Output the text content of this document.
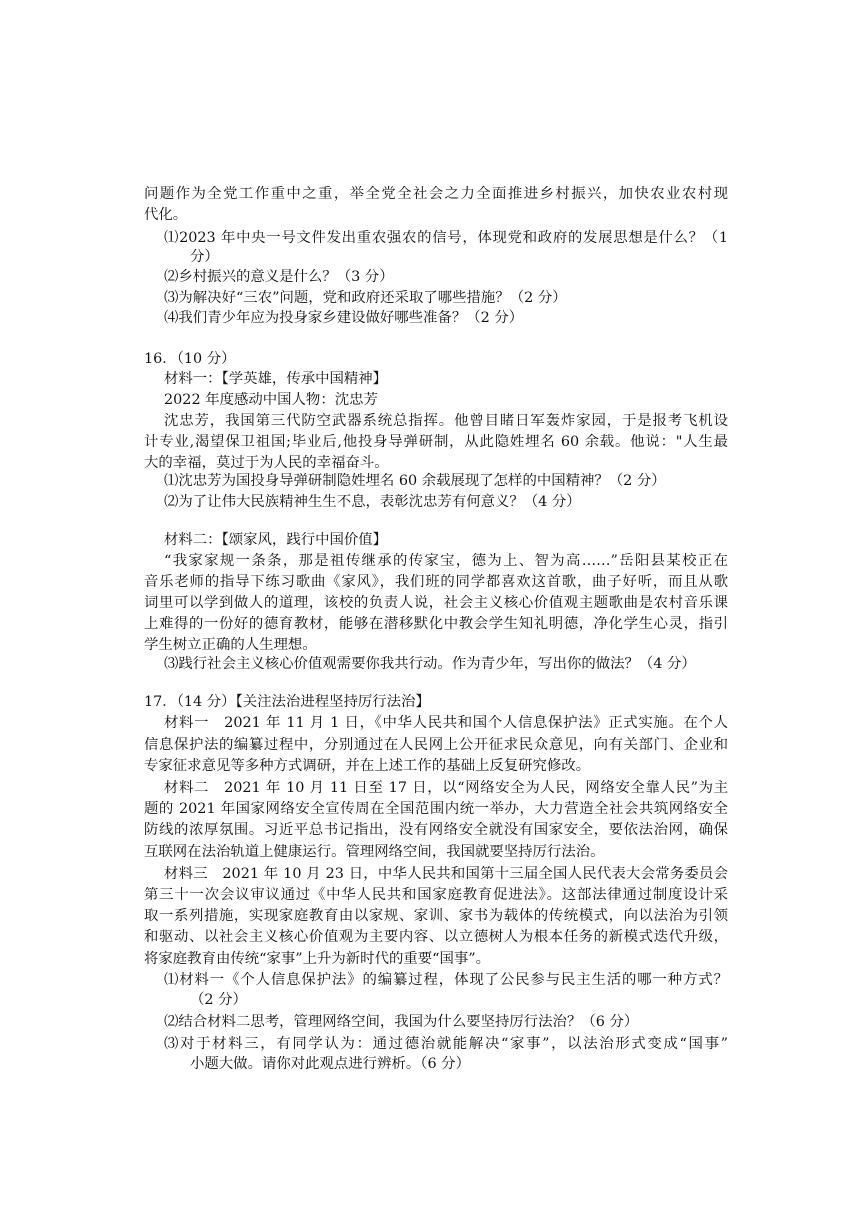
问题作为全党工作重中之重，举全党全社会之力全面推进乡村振兴，加快农业农村现
代化。
⑴2023 年中央一号文件发出重农强农的信号，体现党和政府的发展思想是什么？（1
分）
⑵乡村振兴的意义是什么？（3 分）
⑶为解决好“三农”问题，党和政府还采取了哪些措施？（2 分）
⑷我们青少年应为投身家乡建设做好哪些准备？（2 分）
16．（10 分）
材料一：【学英雄，传承中国精神】
2022 年度感动中国人物：沈忠芳
沈忠芳，我国第三代防空武器系统总指挥。他曾目睹日军轰炸家园，于是报考飞机设
计专业,渴望保卫祖国;毕业后,他投身导弹研制，从此隐姓埋名 60 余载。他说："人生最
大的幸福，莫过于为人民的幸福奋斗。
⑴沈忠芳为国投身导弹研制隐姓埋名 60 余载展现了怎样的中国精神？（2 分）
⑵为了让伟大民族精神生生不息，表彰沈忠芳有何意义？（4 分）
材料二：【颂家风，践行中国价值】
“我家家规一条条，那是祖传继承的传家宝，德为上、智为高……”岳阳县某校正在
音乐老师的指导下练习歌曲《家风》，我们班的同学都喜欢这首歌，曲子好听，而且从歌
词里可以学到做人的道理，该校的负责人说，社会主义核心价值观主题歌曲是农村音乐课
上难得的一份好的德育教材，能够在潜移默化中教会学生知礼明德，净化学生心灵，指引
学生树立正确的人生理想。
⑶践行社会主义核心价值观需要你我共行动。作为青少年，写出你的做法？（4 分）
17．（14 分）【关注法治进程坚持厉行法治】
材料一　2021 年 11 月 1 日，《中华人民共和国个人信息保护法》正式实施。在个人
信息保护法的编纂过程中，分别通过在人民网上公开征求民众意见，向有关部门、企业和
专家征求意见等多种方式调研，并在上述工作的基础上反复研究修改。
材料二　2021 年 10 月 11 日至 17 日，以“网络安全为人民，网络安全靠人民”为主
题的 2021 年国家网络安全宣传周在全国范围内统一举办，大力营造全社会共筑网络安全
防线的浓厚氛围。习近平总书记指出，没有网络安全就没有国家安全，要依法治网，确保
互联网在法治轨道上健康运行。管理网络空间，我国就要坚持厉行法治。
材料三　2021 年 10 月 23 日，中华人民共和国第十三届全国人民代表大会常务委员会
第三十一次会议审议通过《中华人民共和国家庭教育促进法》。这部法律通过制度设计采
取一系列措施，实现家庭教育由以家规、家训、家书为载体的传统模式，向以法治为引领
和驱动、以社会主义核心价值观为主要内容、以立德树人为根本任务的新模式迭代升级，
将家庭教育由传统“家事”上升为新时代的重要“国事”。
⑴材料一《个人信息保护法》的编纂过程，体现了公民参与民主生活的哪一种方式？
（2 分）
⑵结合材料二思考，管理网络空间，我国为什么要坚持厉行法治？（6 分）
⑶对于材料三，有同学认为：通过德治就能解决“家事”，以法治形式变成“国事”
小题大做。请你对此观点进行辨析。（6 分）
